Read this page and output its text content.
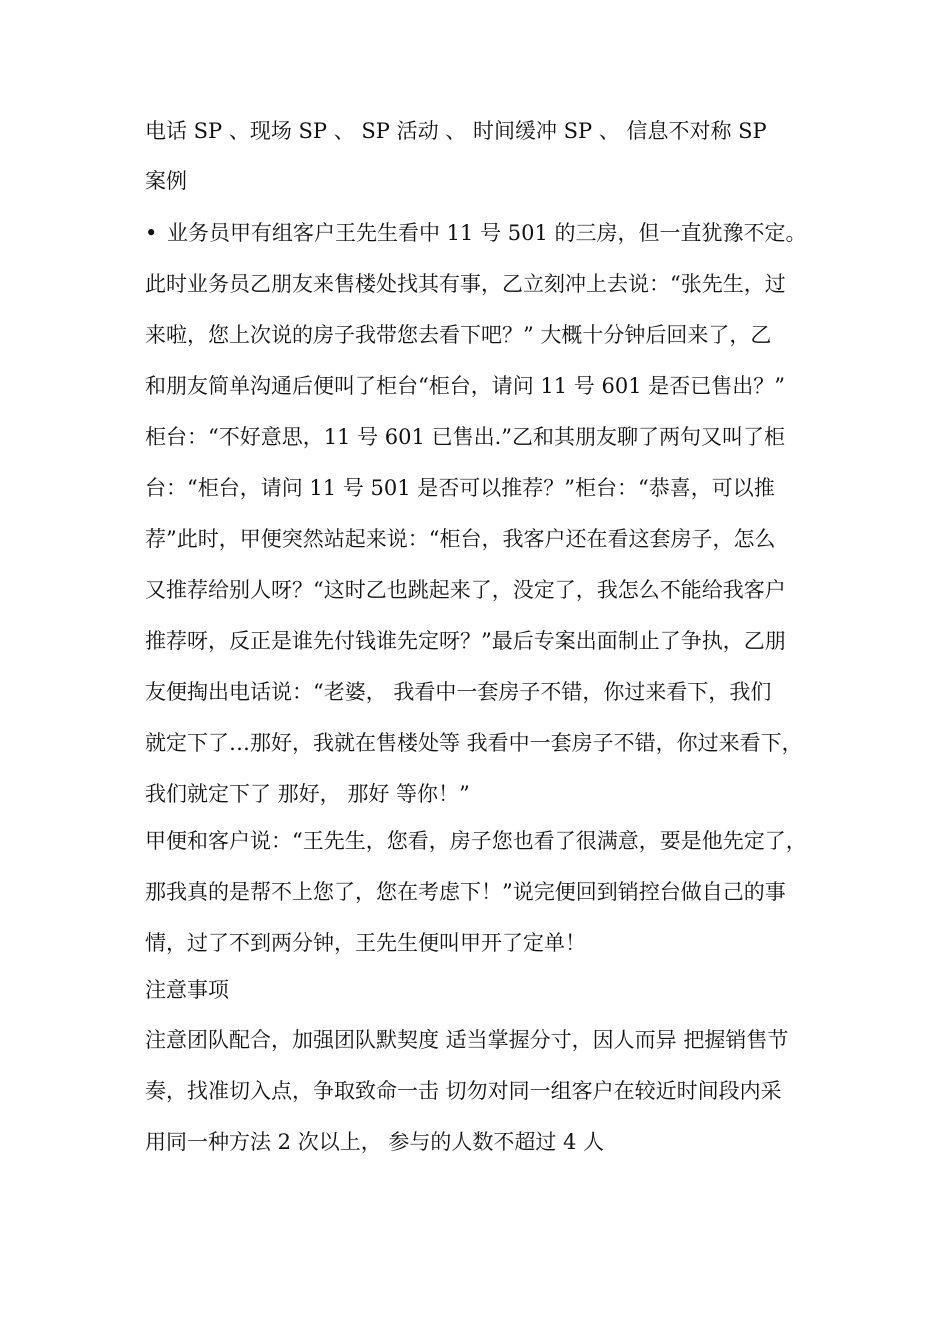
电话 SP 、现场 SP 、 SP 活动 、 时间缓冲 SP 、 信息不对称 SP

案例

• 业务员甲有组客户王先生看中 11 号 501 的三房，但一直犹豫不定。

此时业务员乙朋友来售楼处找其有事，乙立刻冲上去说：“张先生，过

来啦，您上次说的房子我带您去看下吧？” 大概十分钟后回来了，乙

和朋友简单沟通后便叫了柜台“柜台，请问 11 号 601 是否已售出？”

柜台：“不好意思，11 号 601 已售出.”乙和其朋友聊了两句又叫了柜

台：“柜台，请问 11 号 501 是否可以推荐？”柜台：“恭喜，可以推

荐”此时，甲便突然站起来说：“柜台，我客户还在看这套房子，怎么

又推荐给别人呀？“这时乙也跳起来了，没定了，我怎么不能给我客户

推荐呀，反正是谁先付钱谁先定呀？”最后专案出面制止了争执，乙朋

友便掏出电话说：“老婆， 我看中一套房子不错，你过来看下，我们

就定下了…那好，我就在售楼处等 我看中一套房子不错，你过来看下，

我们就定下了 那好， 那好 等你！”

甲便和客户说：“王先生，您看，房子您也看了很满意，要是他先定了，

那我真的是帮不上您了，您在考虑下！”说完便回到销控台做自己的事

情，过了不到两分钟，王先生便叫甲开了定单！

注意事项

注意团队配合，加强团队默契度 适当掌握分寸，因人而异 把握销售节

奏，找准切入点，争取致命一击 切勿对同一组客户在较近时间段内采

用同一种方法 2 次以上， 参与的人数不超过 4 人
